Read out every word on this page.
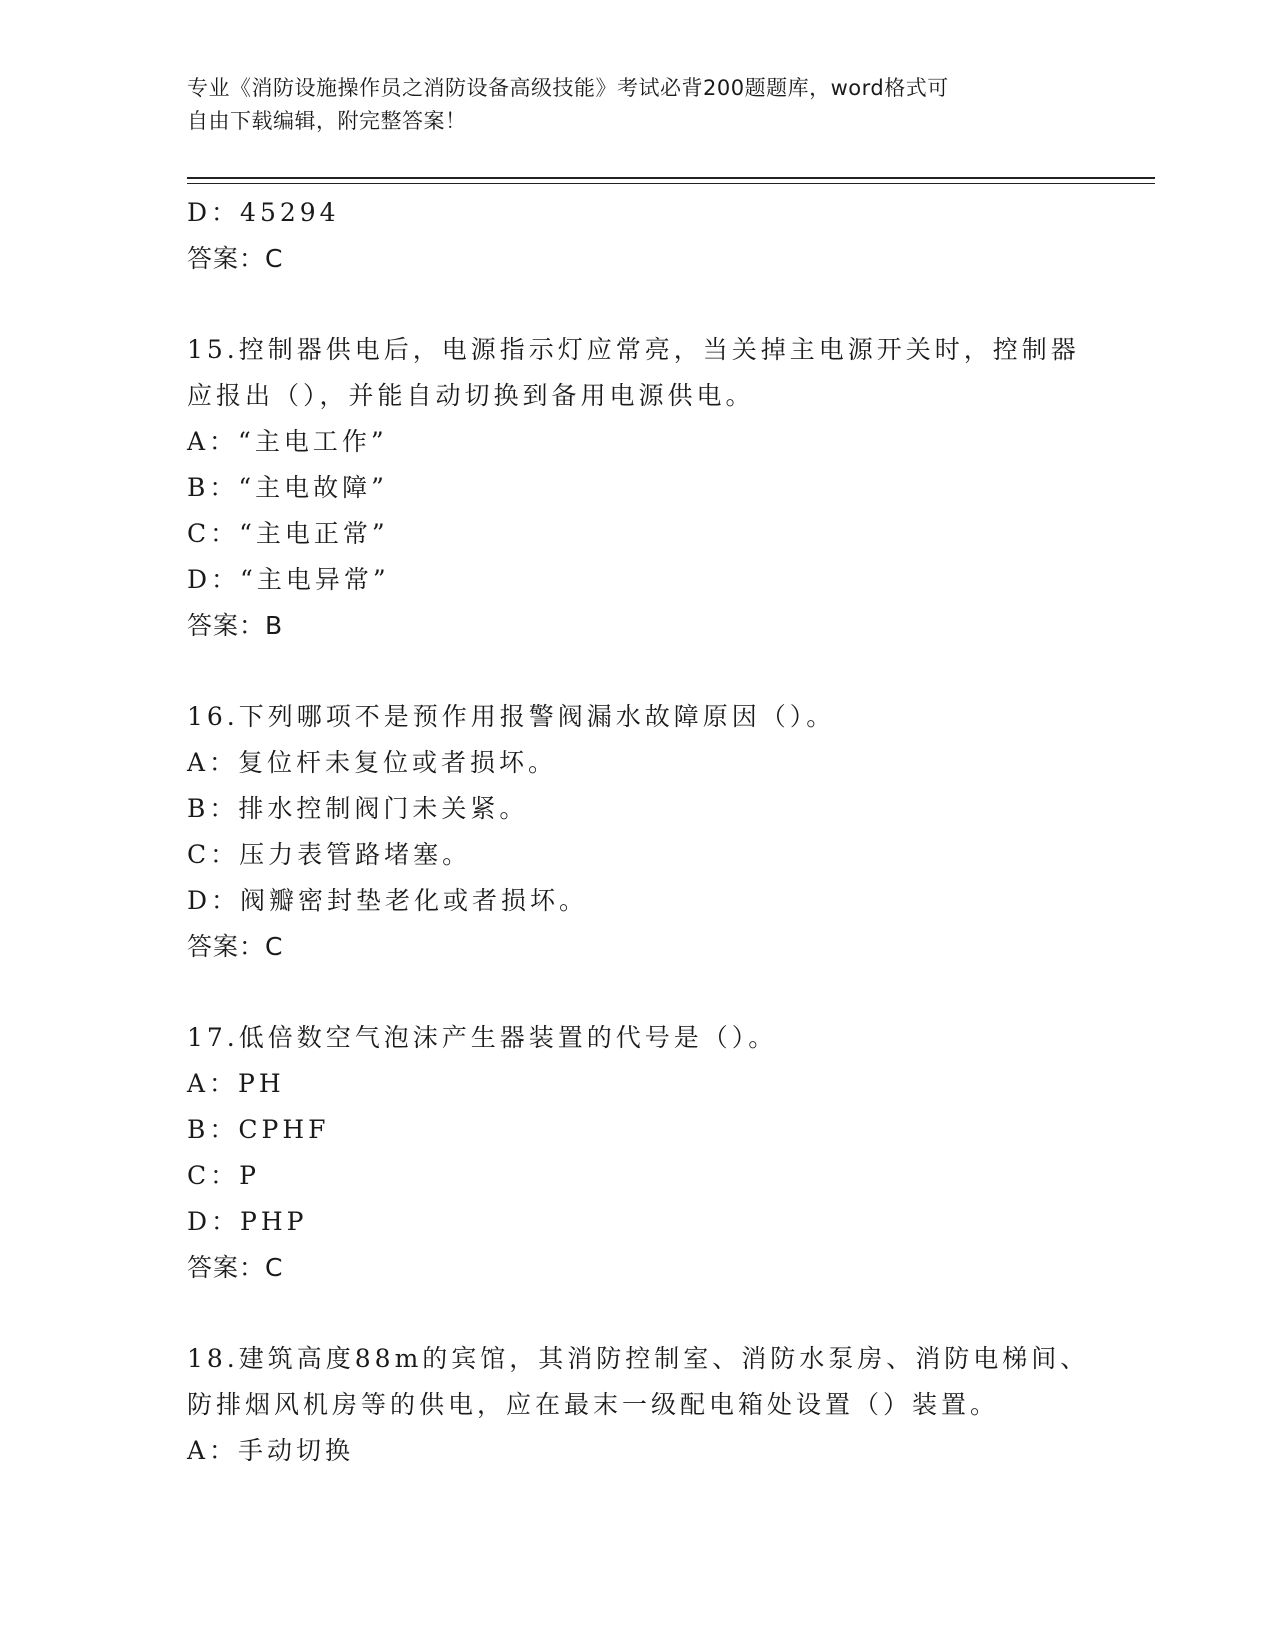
专业《消防设施操作员之消防设备高级技能》考试必背200题题库，word格式可
自由下载编辑，附完整答案！
D：45294
答案：C
15.控制器供电后，电源指示灯应常亮，当关掉主电源开关时，控制器
应报出（），并能自动切换到备用电源供电。
A：“主电工作”
B：“主电故障”
C：“主电正常”
D：“主电异常”
答案：B
16.下列哪项不是预作用报警阀漏水故障原因（）。
A：复位杆未复位或者损坏。
B：排水控制阀门未关紧。
C：压力表管路堵塞。
D：阀瓣密封垫老化或者损坏。
答案：C
17.低倍数空气泡沫产生器装置的代号是（）。
A：PH
B：CPHF
C：P
D：PHP
答案：C
18.建筑高度88m的宾馆，其消防控制室、消防水泵房、消防电梯间、
防排烟风机房等的供电，应在最末一级配电箱处设置（）装置。
A：手动切换
